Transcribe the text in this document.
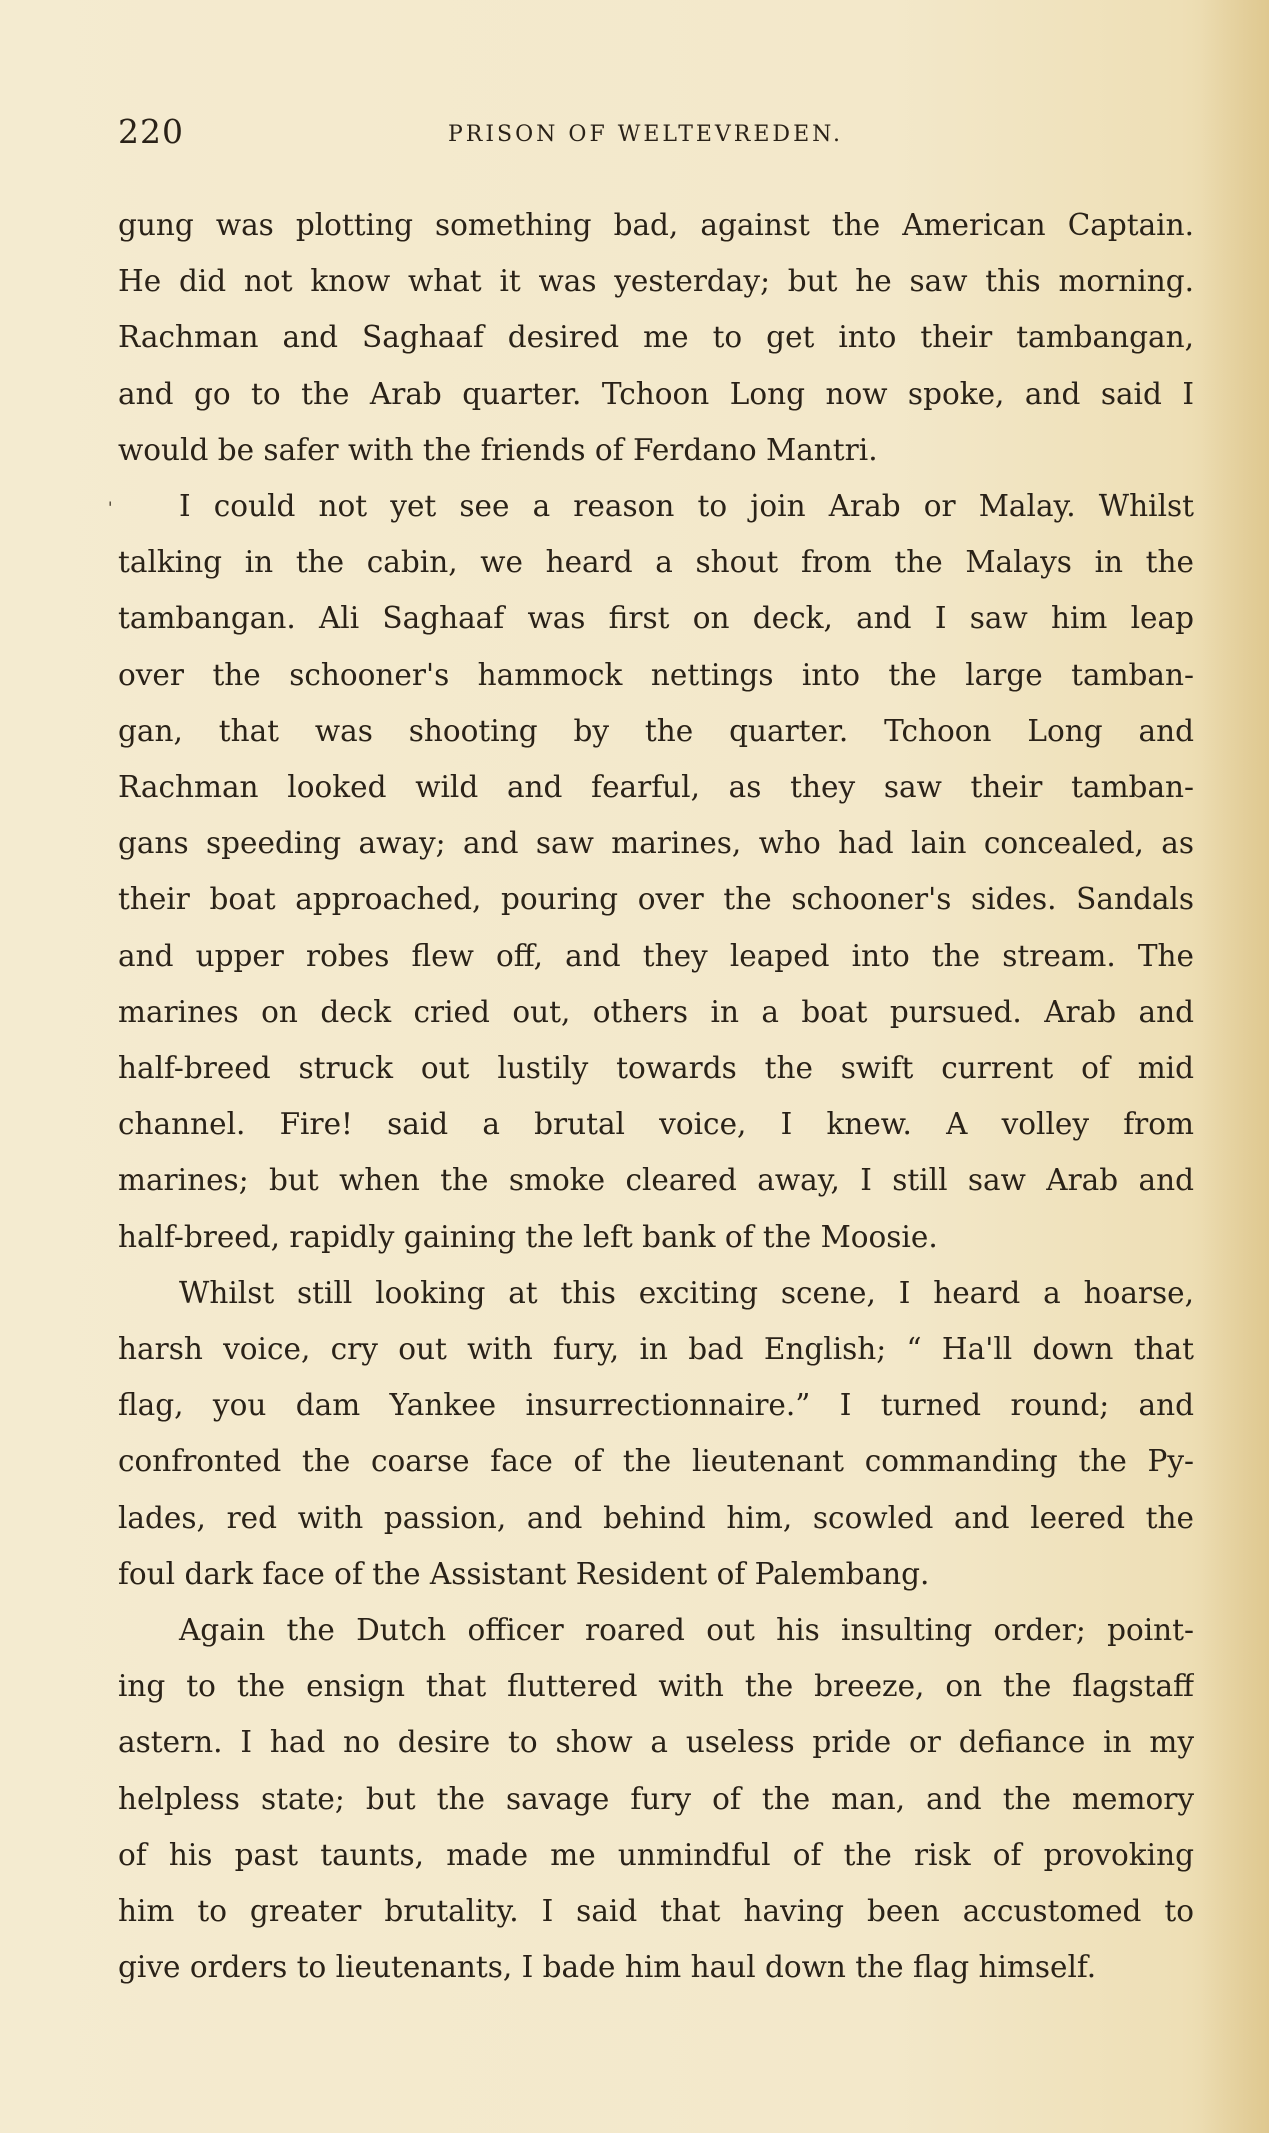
220	PRISON OF WELTEVREDEN.
'
gung was plotting something bad, against the American Captain.
He did not know what it was yesterday; but he saw this morning.
Rachman and Saghaaf desired me to get into their tambangan,
and go to the Arab quarter. Tchoon Long now spoke, and said I
would be safer with the friends of Ferdano Mantri.
I could not yet see a reason to join Arab or Malay. Whilst
talking in the cabin, we heard a shout from the Malays in the
tambangan. Ali Saghaaf was first on deck, and I saw him leap
over the schooner's hammock nettings into the large tamban-
gan, that was shooting by the quarter. Tchoon Long and
Rachman looked wild and fearful, as they saw their tamban-
gans speeding away; and saw marines, who had lain concealed, as
their boat approached, pouring over the schooner's sides. Sandals
and upper robes flew off, and they leaped into the stream. The
marines on deck cried out, others in a boat pursued. Arab and
half-breed struck out lustily towards the swift current of mid
channel. Fire! said a brutal voice, I knew. A volley from
marines; but when the smoke cleared away, I still saw Arab and
half-breed, rapidly gaining the left bank of the Moosie.
Whilst still looking at this exciting scene, I heard a hoarse,
harsh voice, cry out with fury, in bad English; “ Ha'll down that
flag, you dam Yankee insurrectionnaire.” I turned round; and
confronted the coarse face of the lieutenant commanding the Py-
lades, red with passion, and behind him, scowled and leered the
foul dark face of the Assistant Resident of Palembang.
Again the Dutch officer roared out his insulting order; point-
ing to the ensign that fluttered with the breeze, on the flagstaff
astern. I had no desire to show a useless pride or defiance in my
helpless state; but the savage fury of the man, and the memory
of his past taunts, made me unmindful of the risk of provoking
him to greater brutality. I said that having been accustomed to
give orders to lieutenants, I bade him haul down the flag himself.
